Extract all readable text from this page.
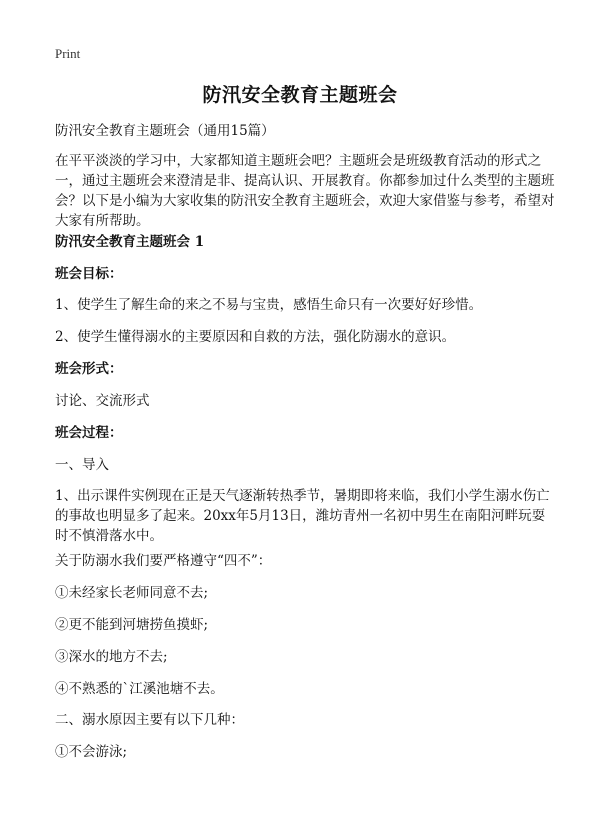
Print
防汛安全教育主题班会

防汛安全教育主题班会（通用15篇）

在平平淡淡的学习中，大家都知道主题班会吧？主题班会是班级教育活动的形式之一，通过主题班会来澄清是非、提高认识、开展教育。你都参加过什么类型的主题班会？以下是小编为大家收集的防汛安全教育主题班会，欢迎大家借鉴与参考，希望对大家有所帮助。

防汛安全教育主题班会 1

班会目标：

1、使学生了解生命的来之不易与宝贵，感悟生命只有一次要好好珍惜。

2、使学生懂得溺水的主要原因和自救的方法，强化防溺水的意识。

班会形式：

讨论、交流形式

班会过程：

一、导入

1、出示课件实例现在正是天气逐渐转热季节，暑期即将来临，我们小学生溺水伤亡的事故也明显多了起来。20xx年5月13日，潍坊青州一名初中男生在南阳河畔玩耍时不慎滑落水中。

关于防溺水我们要严格遵守“四不”：

①未经家长老师同意不去;

②更不能到河塘捞鱼摸虾;

③深水的地方不去;

④不熟悉的`江溪池塘不去。

二、溺水原因主要有以下几种：

①不会游泳;
